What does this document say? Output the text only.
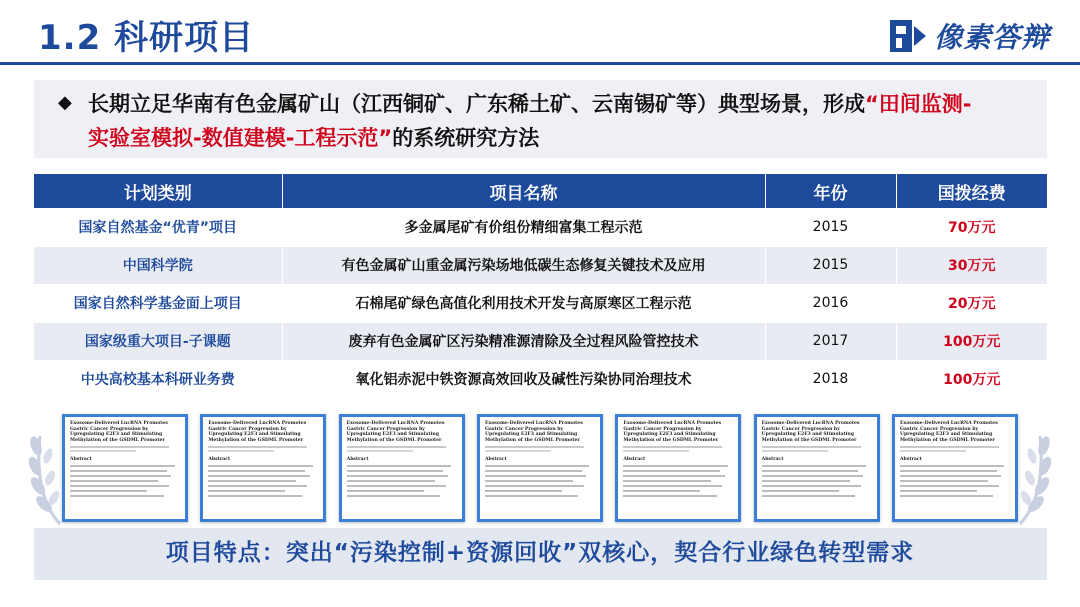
1.2 科研项目	像素答辩
◆ 长期立足华南有色金属矿山（江西铜矿、广东稀土矿、云南锡矿等）典型场景，形成“田间监测-
实验室模拟-数值建模-工程示范”的系统研究方法
计划类别	项目名称	年份	国拨经费
国家自然基金“优青”项目	多金属尾矿有价组份精细富集工程示范	2015	70万元
中国科学院	有色金属矿山重金属污染场地低碳生态修复关键技术及应用	2015	30万元
国家自然科学基金面上项目	石棉尾矿绿色高值化利用技术开发与高原寒区工程示范	2016	20万元
国家级重大项目-子课题	废弃有色金属矿区污染精准源清除及全过程风险管控技术	2017	100万元
中央高校基本科研业务费	氧化铝赤泥中铁资源高效回收及碱性污染协同治理技术	2018	100万元
Exosome-Delivered LncRNA Promotes Gastric Cancer Progression by Upregulating E2F3 and Stimulating Methylation of the GSDML Promoter
Abstract
Exosome-Delivered LncRNA Promotes Gastric Cancer Progression by Upregulating E2F3 and Stimulating Methylation of the GSDML Promoter
Abstract
Exosome-Delivered LncRNA Promotes Gastric Cancer Progression by Upregulating E2F3 and Stimulating Methylation of the GSDML Promoter
Abstract
Exosome-Delivered LncRNA Promotes Gastric Cancer Progression by Upregulating E2F3 and Stimulating Methylation of the GSDML Promoter
Abstract
Exosome-Delivered LncRNA Promotes Gastric Cancer Progression by Upregulating E2F3 and Stimulating Methylation of the GSDML Promoter
Abstract
Exosome-Delivered LncRNA Promotes Gastric Cancer Progression by Upregulating E2F3 and Stimulating Methylation of the GSDML Promoter
Abstract
Exosome-Delivered LncRNA Promotes Gastric Cancer Progression by Upregulating E2F3 and Stimulating Methylation of the GSDML Promoter
Abstract
项目特点：突出“污染控制+资源回收”双核心，契合行业绿色转型需求
